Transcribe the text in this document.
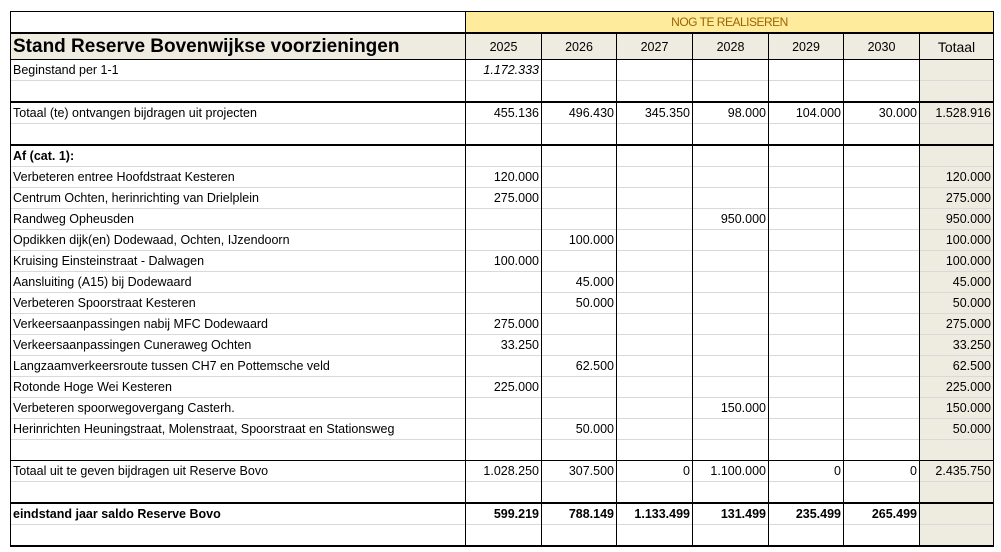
	NOG TE REALISEREN						
Stand Reserve Bovenwijkse voorzieningen	2025	2026	2027	2028	2029	2030	Totaal
Beginstand per 1-1	1.172.333						

Totaal (te) ontvangen bijdragen uit projecten	455.136	496.430	345.350	98.000	104.000	30.000	1.528.916

Af (cat. 1):							
Verbeteren entree Hoofdstraat Kesteren	120.000						120.000
Centrum Ochten, herinrichting van Drielplein	275.000						275.000
Randweg Opheusden				950.000			950.000
Opdikken dijk(en) Dodewaad, Ochten, IJzendoorn		100.000					100.000
Kruising Einsteinstraat - Dalwagen	100.000						100.000
Aansluiting (A15) bij Dodewaard		45.000					45.000
Verbeteren Spoorstraat Kesteren		50.000					50.000
Verkeersaanpassingen nabij MFC Dodewaard	275.000						275.000
Verkeersaanpassingen Cuneraweg Ochten	33.250						33.250
Langzaamverkeersroute tussen CH7 en Pottemsche veld		62.500					62.500
Rotonde Hoge Wei Kesteren	225.000						225.000
Verbeteren spoorwegovergang Casterh.				150.000			150.000
Herinrichten Heuningstraat, Molenstraat, Spoorstraat en Stationsweg		50.000					50.000

Totaal uit te geven bijdragen uit Reserve Bovo	1.028.250	307.500	0	1.100.000	0	0	2.435.750

eindstand jaar saldo Reserve Bovo	599.219	788.149	1.133.499	131.499	235.499	265.499	
